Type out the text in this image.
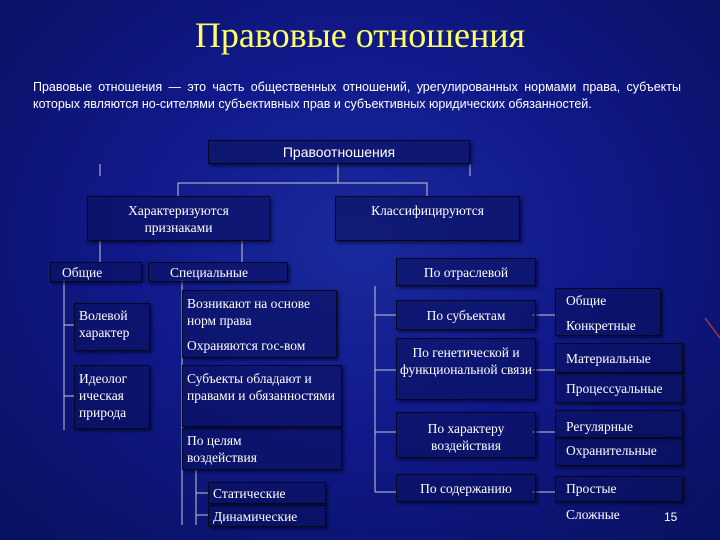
Правовые отношения
Правовые отношения — это часть общественных отношений, урегулированных нормами права, субъекты которых являются но-сителями субъективных прав и субъективных юридических обязанностей.
Правоотношения
Характеризуются признаками
Классифицируются
Общие	Специальные
Волевой характер
Идеолог ическая природа
Возникают на основе норм права
Охраняются гос-вом
Субъекты обладают и правами и обязанностями
По целям воздействия
Статические
Динамические
По отраслевой
По субъектам
По генетической и функциональной связи
По характеру воздействия
По содержанию
Общие
Конкретные
Материальные
Процессуальные
Регулярные
Охранительные
Простые
Сложные	15
